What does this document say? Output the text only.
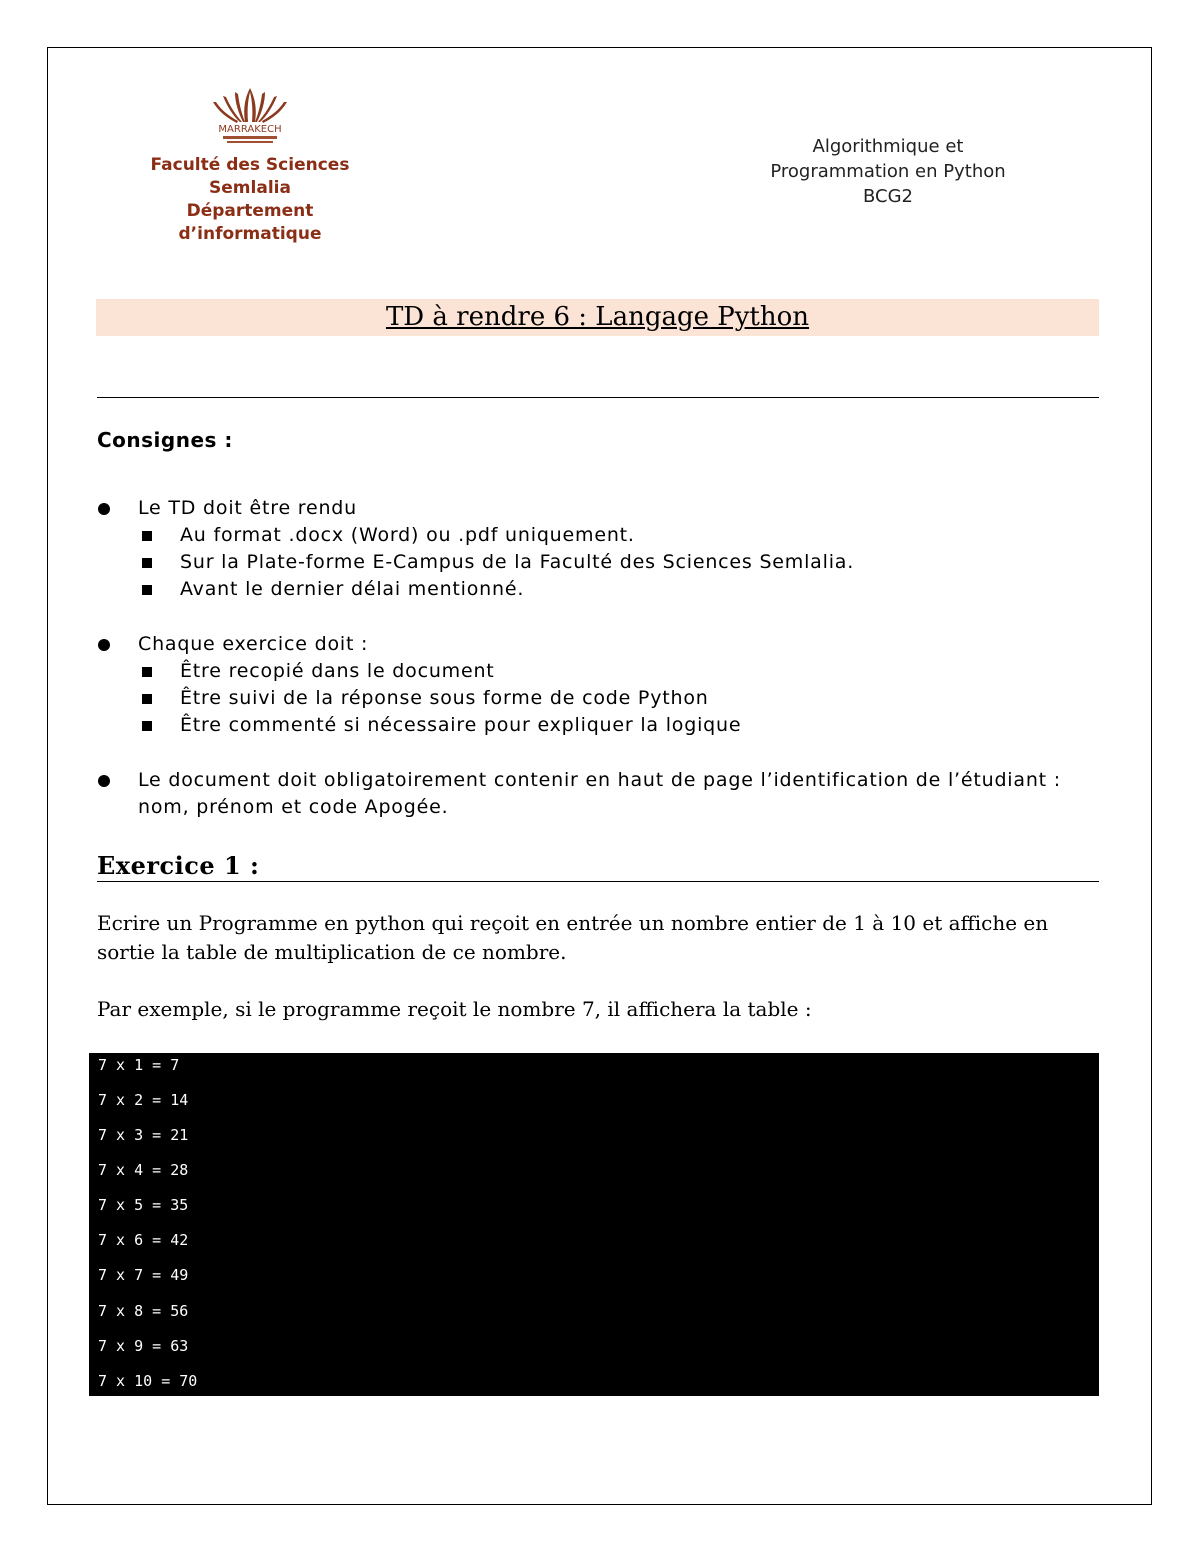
MARRAKECH
Faculté des Sciences
Semlalia
Département
d’informatique
Algorithmique et
Programmation en Python
BCG2
TD à rendre 6 : Langage Python
Consignes :
Le TD doit être rendu
Au format .docx (Word) ou .pdf uniquement.
Sur la Plate-forme E-Campus de la Faculté des Sciences Semlalia.
Avant le dernier délai mentionné.
Chaque exercice doit :
Être recopié dans le document
Être suivi de la réponse sous forme de code Python
Être commenté si nécessaire pour expliquer la logique
Le document doit obligatoirement contenir en haut de page l’identification de l’étudiant : nom, prénom et code Apogée.
Exercice 1 :
Ecrire un Programme en python qui reçoit en entrée un nombre entier de 1 à 10 et affiche en sortie la table de multiplication de ce nombre.
Par exemple, si le programme reçoit le nombre 7, il affichera la table :
7 x 1 = 7
7 x 2 = 14
7 x 3 = 21
7 x 4 = 28
7 x 5 = 35
7 x 6 = 42
7 x 7 = 49
7 x 8 = 56
7 x 9 = 63
7 x 10 = 70
